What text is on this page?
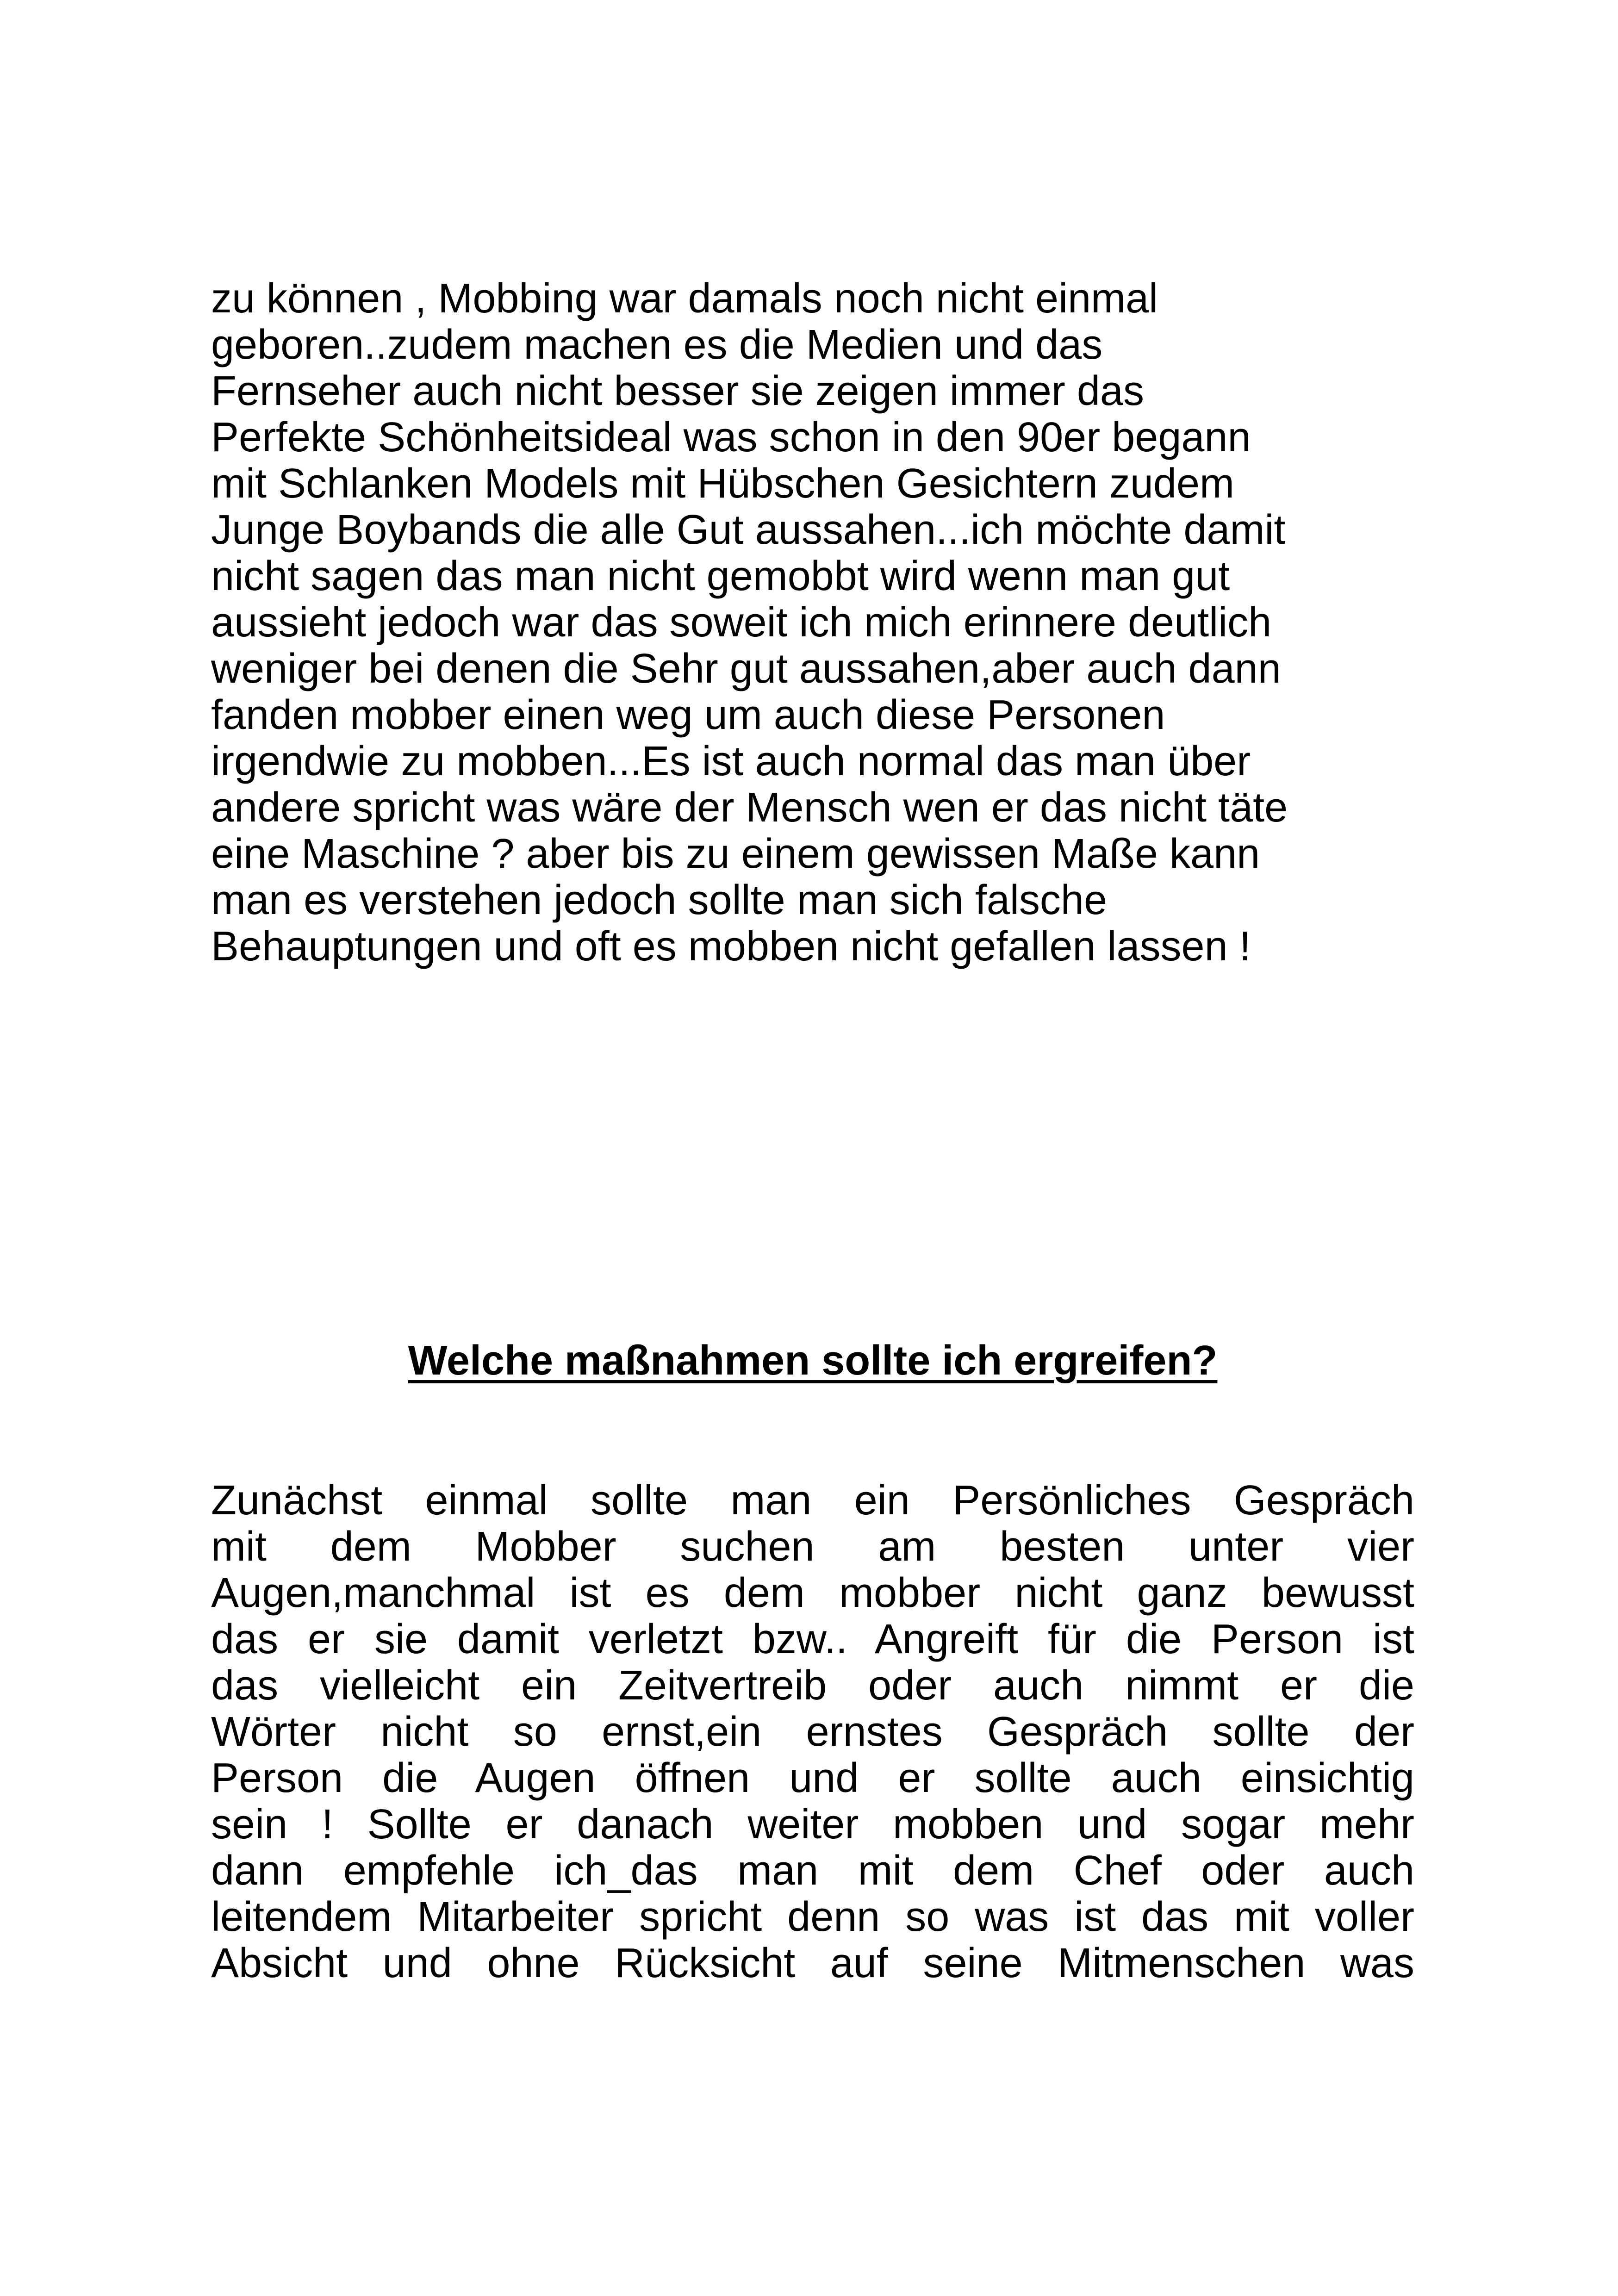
zu können , Mobbing war damals noch nicht einmal
geboren..zudem machen es die Medien und das
Fernseher auch nicht besser sie zeigen immer das
Perfekte Schönheitsideal was schon in den 90er begann
mit Schlanken Models mit Hübschen Gesichtern zudem
Junge Boybands die alle Gut aussahen...ich möchte damit
nicht sagen das man nicht gemobbt wird wenn man gut
aussieht jedoch war das soweit ich mich erinnere deutlich
weniger bei denen die Sehr gut aussahen,aber auch dann
fanden mobber einen weg um auch diese Personen
irgendwie zu mobben...Es ist auch normal das man über
andere spricht was wäre der Mensch wen er das nicht täte
eine Maschine ? aber bis zu einem gewissen Maße kann
man es verstehen jedoch sollte man sich falsche
Behauptungen und oft es mobben nicht gefallen lassen !
Welche maßnahmen sollte ich ergreifen?
Zunächst einmal sollte man ein Persönliches Gespräch
mit dem Mobber suchen am besten unter vier
Augen,manchmal ist es dem mobber nicht ganz bewusst
das er sie damit verletzt bzw.. Angreift für die Person ist
das vielleicht ein Zeitvertreib oder auch nimmt er die
Wörter nicht so ernst,ein ernstes Gespräch sollte der
Person die Augen öffnen und er sollte auch einsichtig
sein ! Sollte er danach weiter mobben und sogar mehr
dann empfehle ich_das man mit dem Chef oder auch
leitendem Mitarbeiter spricht denn so was ist das mit voller
Absicht und ohne Rücksicht auf seine Mitmenschen was
